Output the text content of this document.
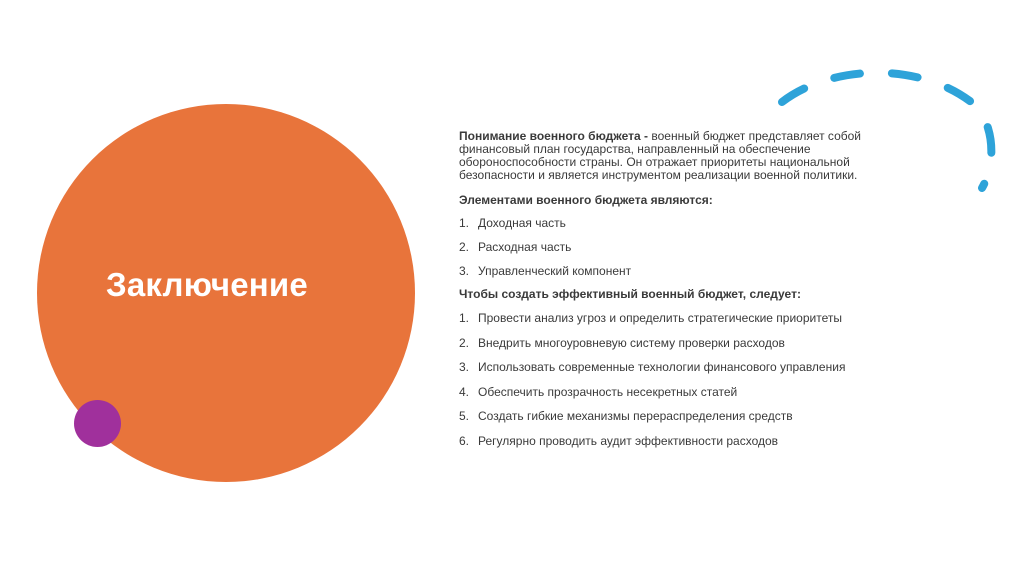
Заключение

Понимание военного бюджета - военный бюджет представляет собой финансовый план государства, направленный на обеспечение обороноспособности страны. Он отражает приоритеты национальной безопасности и является инструментом реализации военной политики.

Элементами военного бюджета являются:
1. Доходная часть
2. Расходная часть
3. Управленческий компонент
Чтобы создать эффективный военный бюджет, следует:
1. Провести анализ угроз и определить стратегические приоритеты
2. Внедрить многоуровневую систему проверки расходов
3. Использовать современные технологии финансового управления
4. Обеспечить прозрачность несекретных статей
5. Создать гибкие механизмы перераспределения средств
6. Регулярно проводить аудит эффективности расходов
